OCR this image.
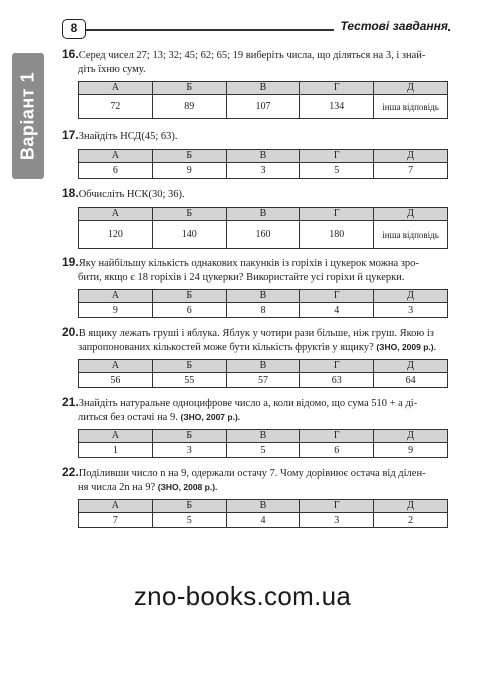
8	Тестові завдання
Варіант 1
16.Серед чисел 27; 13; 32; 45; 62; 65; 19 виберіть числа, що діляться на 3, і знай-
діть їхню суму.
А	Б	В	Г	Д
72	89	107	134	інша відповідь
17.Знайдіть НСД(45; 63).
А	Б	В	Г	Д
6	9	3	5	7
18.Обчисліть НСК(30; 36).
А	Б	В	Г	Д
120	140	160	180	інша відповідь
19.Яку найбільшу кількість однакових пакунків із горіхів і цукерок можна зро-
бити, якщо є 18 горіхів і 24 цукерки? Використайте усі горіхи й цукерки.
А	Б	В	Г	Д
9	6	8	4	3
20.В ящику лежать груші і яблука. Яблук у чотири рази більше, ніж груш. Якою із
запропонованих кількостей може бути кількість фруктів у ящику? (ЗНО, 2009 р.).
А	Б	В	Г	Д
56	55	57	63	64
21.Знайдіть натуральне одноцифрове число a, коли відомо, що сума 510 + a ді-
литься без остачі на 9. (ЗНО, 2007 р.).
А	Б	В	Г	Д
1	3	5	6	9
22.Поділивши число n на 9, одержали остачу 7. Чому дорівнює остача від ділен-
ня числа 2n на 9? (ЗНО, 2008 р.).
А	Б	В	Г	Д
7	5	4	3	2
zno-books.com.ua
